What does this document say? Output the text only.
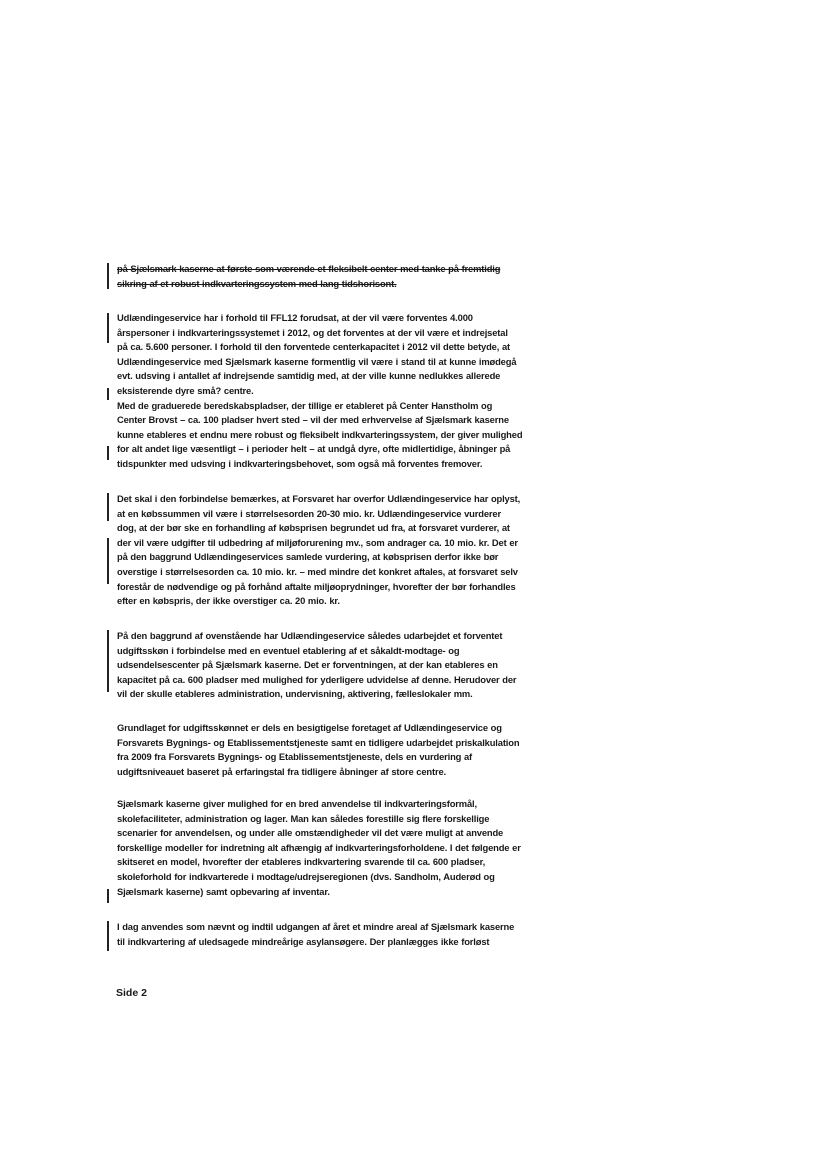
på Sjælsmark kaserne at første som værende et fleksibelt center med tanke på fremtidig
sikring af et robust indkvarteringssystem med lang tidshorisont.
Udlændingeservice har i forhold til FFL12 forudsat, at der vil være forventes 4.000
årspersoner i indkvarteringssystemet i 2012, og det forventes at der vil være et indrejsetal
på ca. 5.600 personer. I forhold til den forventede centerkapacitet i 2012 vil dette betyde, at
Udlændingeservice med Sjælsmark kaserne formentlig vil være i stand til at kunne imødegå
evt. udsving i antallet af indrejsende samtidig med, at der ville kunne nedlukkes allerede
eksisterende dyre små? centre.
Med de graduerede beredskabspladser, der tillige er etableret på Center Hanstholm og
Center Brovst – ca. 100 pladser hvert sted – vil der med erhvervelse af Sjælsmark kaserne
kunne etableres et endnu mere robust og fleksibelt indkvarteringssystem, der giver mulighed
for alt andet lige væsentligt – i perioder helt – at undgå dyre, ofte midlertidige, åbninger på
tidspunkter med udsving i indkvarteringsbehovet, som også må forventes fremover.
Det skal i den forbindelse bemærkes, at Forsvaret har overfor Udlændingeservice har oplyst,
at en købssummen vil være i størrelsesorden 20-30 mio. kr. Udlændingeservice vurderer
dog, at der bør ske en forhandling af købsprisen begrundet ud fra, at forsvaret vurderer, at
der vil være udgifter til udbedring af miljøforurening mv., som andrager ca. 10 mio. kr. Det er
på den baggrund Udlændingeservices samlede vurdering, at købsprisen derfor ikke bør
overstige i størrelsesorden ca. 10 mio. kr. – med mindre det konkret aftales, at forsvaret selv
forestår de nødvendige og på forhånd aftalte miljøoprydninger, hvorefter der bør forhandles
efter en købspris, der ikke overstiger ca. 20 mio. kr.
På den baggrund af ovenstående har Udlændingeservice således udarbejdet et forventet
udgiftsskøn i forbindelse med en eventuel etablering af et såkaldt-modtage- og
udsendelsescenter på Sjælsmark kaserne. Det er forventningen, at der kan etableres en
kapacitet på ca. 600 pladser med mulighed for yderligere udvidelse af denne. Herudover der
vil der skulle etableres administration, undervisning, aktivering, fælleslokaler mm.
Grundlaget for udgiftsskønnet er dels en besigtigelse foretaget af Udlændingeservice og
Forsvarets Bygnings- og Etablissementstjeneste samt en tidligere udarbejdet priskalkulation
fra 2009 fra Forsvarets Bygnings- og Etablissementstjeneste, dels en vurdering af
udgiftsniveauet baseret på erfaringstal fra tidligere åbninger af store centre.
Sjælsmark kaserne giver mulighed for en bred anvendelse til indkvarteringsformål,
skolefaciliteter, administration og lager. Man kan således forestille sig flere forskellige
scenarier for anvendelsen, og under alle omstændigheder vil det være muligt at anvende
forskellige modeller for indretning alt afhængig af indkvarteringsforholdene. I det følgende er
skitseret en model, hvorefter der etableres indkvartering svarende til ca. 600 pladser,
skoleforhold for indkvarterede i modtage/udrejseregionen (dvs. Sandholm, Auderød og
Sjælsmark kaserne) samt opbevaring af inventar.
I dag anvendes som nævnt og indtil udgangen af året et mindre areal af Sjælsmark kaserne
til indkvartering af uledsagede mindreårige asylansøgere. Der planlægges ikke forløst
Side 2
